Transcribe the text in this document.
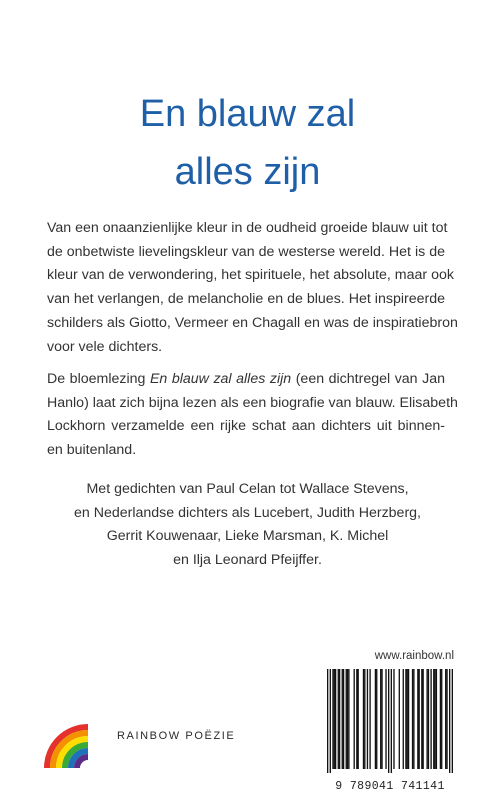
En blauw zal
alles zijn
Van een onaanzienlijke kleur in de oudheid groeide blauw uit tot
de onbetwiste lievelingskleur van de westerse wereld. Het is de
kleur van de verwondering, het spirituele, het absolute, maar ook
van het verlangen, de melancholie en de blues. Het inspireerde
schilders als Giotto, Vermeer en Chagall en was de inspiratiebron
voor vele dichters.
De bloemlezing En blauw zal alles zijn (een dichtregel van Jan
Hanlo) laat zich bijna lezen als een biografie van blauw. Elisabeth
Lockhorn verzamelde een rijke schat aan dichters uit binnen-
en buitenland.
Met gedichten van Paul Celan tot Wallace Stevens,
en Nederlandse dichters als Lucebert, Judith Herzberg,
Gerrit Kouwenaar, Lieke Marsman, K. Michel
en Ilja Leonard Pfeijffer.
RAINBOW POËZIE
www.rainbow.nl
9 789041 741141
